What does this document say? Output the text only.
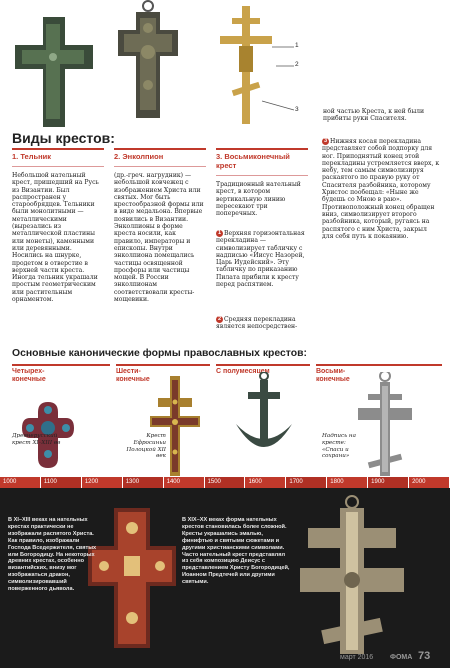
1
2
3	ной частью Креста, к ней были прибиты руки Спасителя.
Виды крестов:
1. Тельник	2. Энколпион	3. Восьмиконечный крест
Небольшой нательный крест, пришедший на Русь из Византии. Был распространен у старообрядцев. Тельники были монолитными — металлическими (вырезались из металлической пластины или монеты), каменными или деревянными. Носились на шнурке, продетом в отверстие в верхней части креста. Иногда тельник украшали простым геометрическим или растительным орнаментом.
(др.-греч. нагрудник) — небольшой ковчежец с изображением Христа или святых. Мог быть крестообразной формы или в виде медальона. Впервые появились в Византии. Энколпионы в форме креста носили, как правило, императоры и епископы. Внутри энколпиона помещались частицы освященной просфоры или частицы мощей. В России энколпионам соответствовали кресты-мощевики.
Традиционный нательный крест, в котором вертикальную линию пересекают три поперечных.
1 Верхняя горизонтальная перекладина — символизирует табличку с надписью «Иисус Назорей, Царь Иудейский». Эту табличку по приказанию Пилата прибили к кресту перед распятием.
2 Средняя перекладина является непосредствен-
3 Нижняя косая перекладина представляет собой подпорку для ног. Приподнятый конец этой перекладины устремляется вверх, к небу, тем самым символизируя раскаятого по правую руку от Спасителя разбойника, которому Христос пообещал: «Ныне же будешь со Мною в раю». Противоположный конец обращен вниз, символизирует второго разбойника, который, ругаясь на распятого с ним Христа, закрыл для себя путь к покаянию.
Основные канонические формы православных крестов:
Четырех-
конечные
Шести-
конечные
С полумесяцем	Восьми-
конечные
Древнерусский крест XI–XIII вв
Крест Ефросиньи Полоцкой XII век
Надпись на кресте: «Спаси и сохрани»
1000	1100	1200	1300	1400	1500	1600	1700	1800	1900	2000
В XI–XIII веках на нательных крестах практически не изображали распятого Христа. Как правило, изображали Господа Вседержителя, святых или Богородицу. На некоторых древних крестах, особенно византийских, внизу мог изображаться дракон, символизировавший поверженного дьявола.
В XIX–XX веках форма нательных крестов становилась более сложной. Кресты украшались эмалью, финифтью и святыми сюжетами и другими христианскими символами. Часто нательный крест представлял из себя композицию Деисус с представлением Христу Богородицей, Иоанном Предтечей или другими святыми.
март 2016 ФОМА 73
